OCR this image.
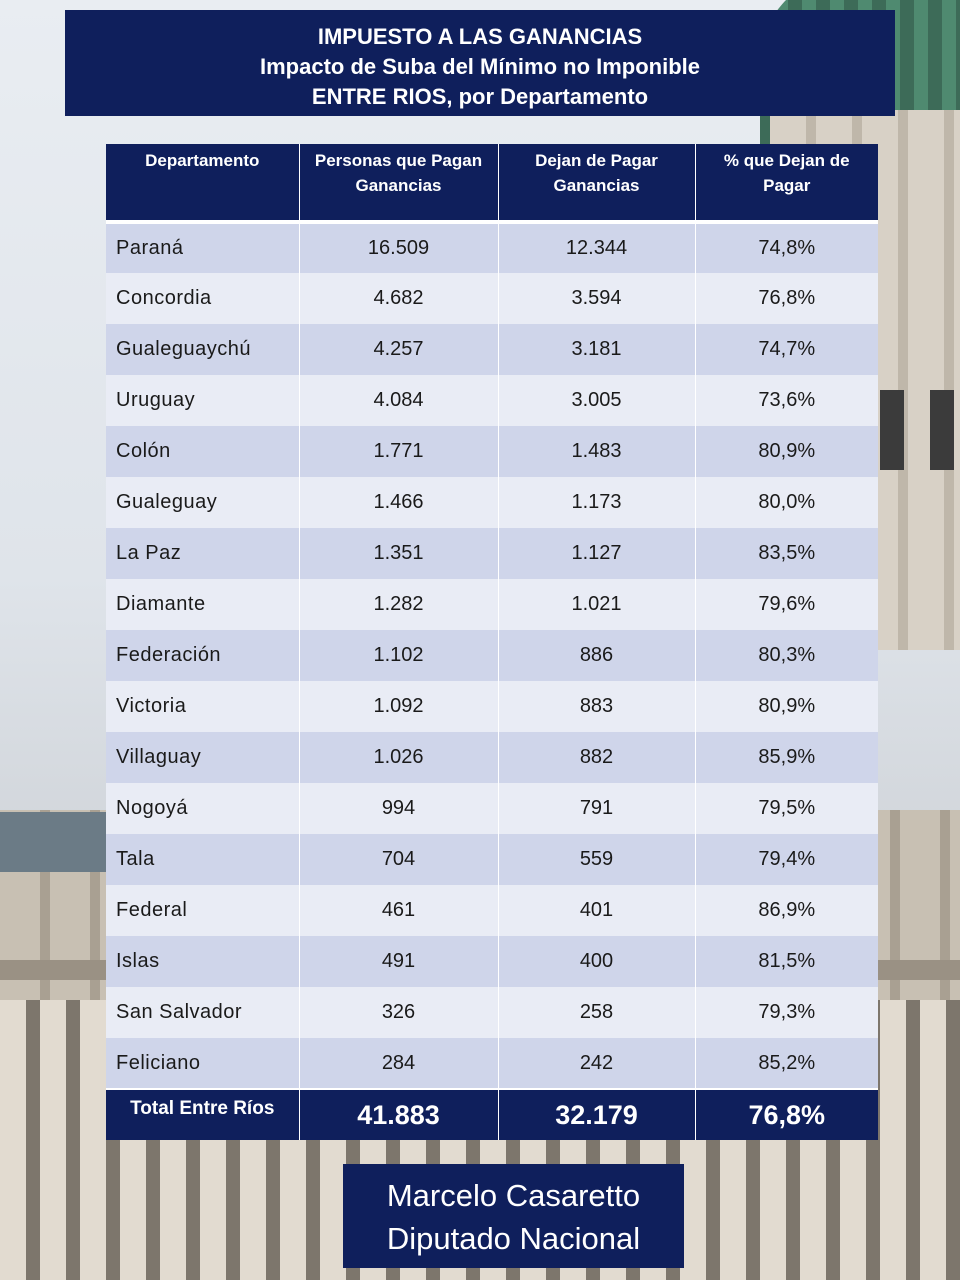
IMPUESTO A LAS GANANCIAS
Impacto de Suba del Mínimo no Imponible
ENTRE RIOS, por Departamento
Departamento	Personas que Pagan Ganancias	Dejan de Pagar Ganancias	% que Dejan de Pagar
Paraná	16.509	12.344	74,8%
Concordia	4.682	3.594	76,8%
Gualeguaychú	4.257	3.181	74,7%
Uruguay	4.084	3.005	73,6%
Colón	1.771	1.483	80,9%
Gualeguay	1.466	1.173	80,0%
La Paz	1.351	1.127	83,5%
Diamante	1.282	1.021	79,6%
Federación	1.102	886	80,3%
Victoria	1.092	883	80,9%
Villaguay	1.026	882	85,9%
Nogoyá	994	791	79,5%
Tala	704	559	79,4%
Federal	461	401	86,9%
Islas	491	400	81,5%
San Salvador	326	258	79,3%
Feliciano	284	242	85,2%
Total Entre Ríos	41.883	32.179	76,8%
Marcelo Casaretto
Diputado Nacional
